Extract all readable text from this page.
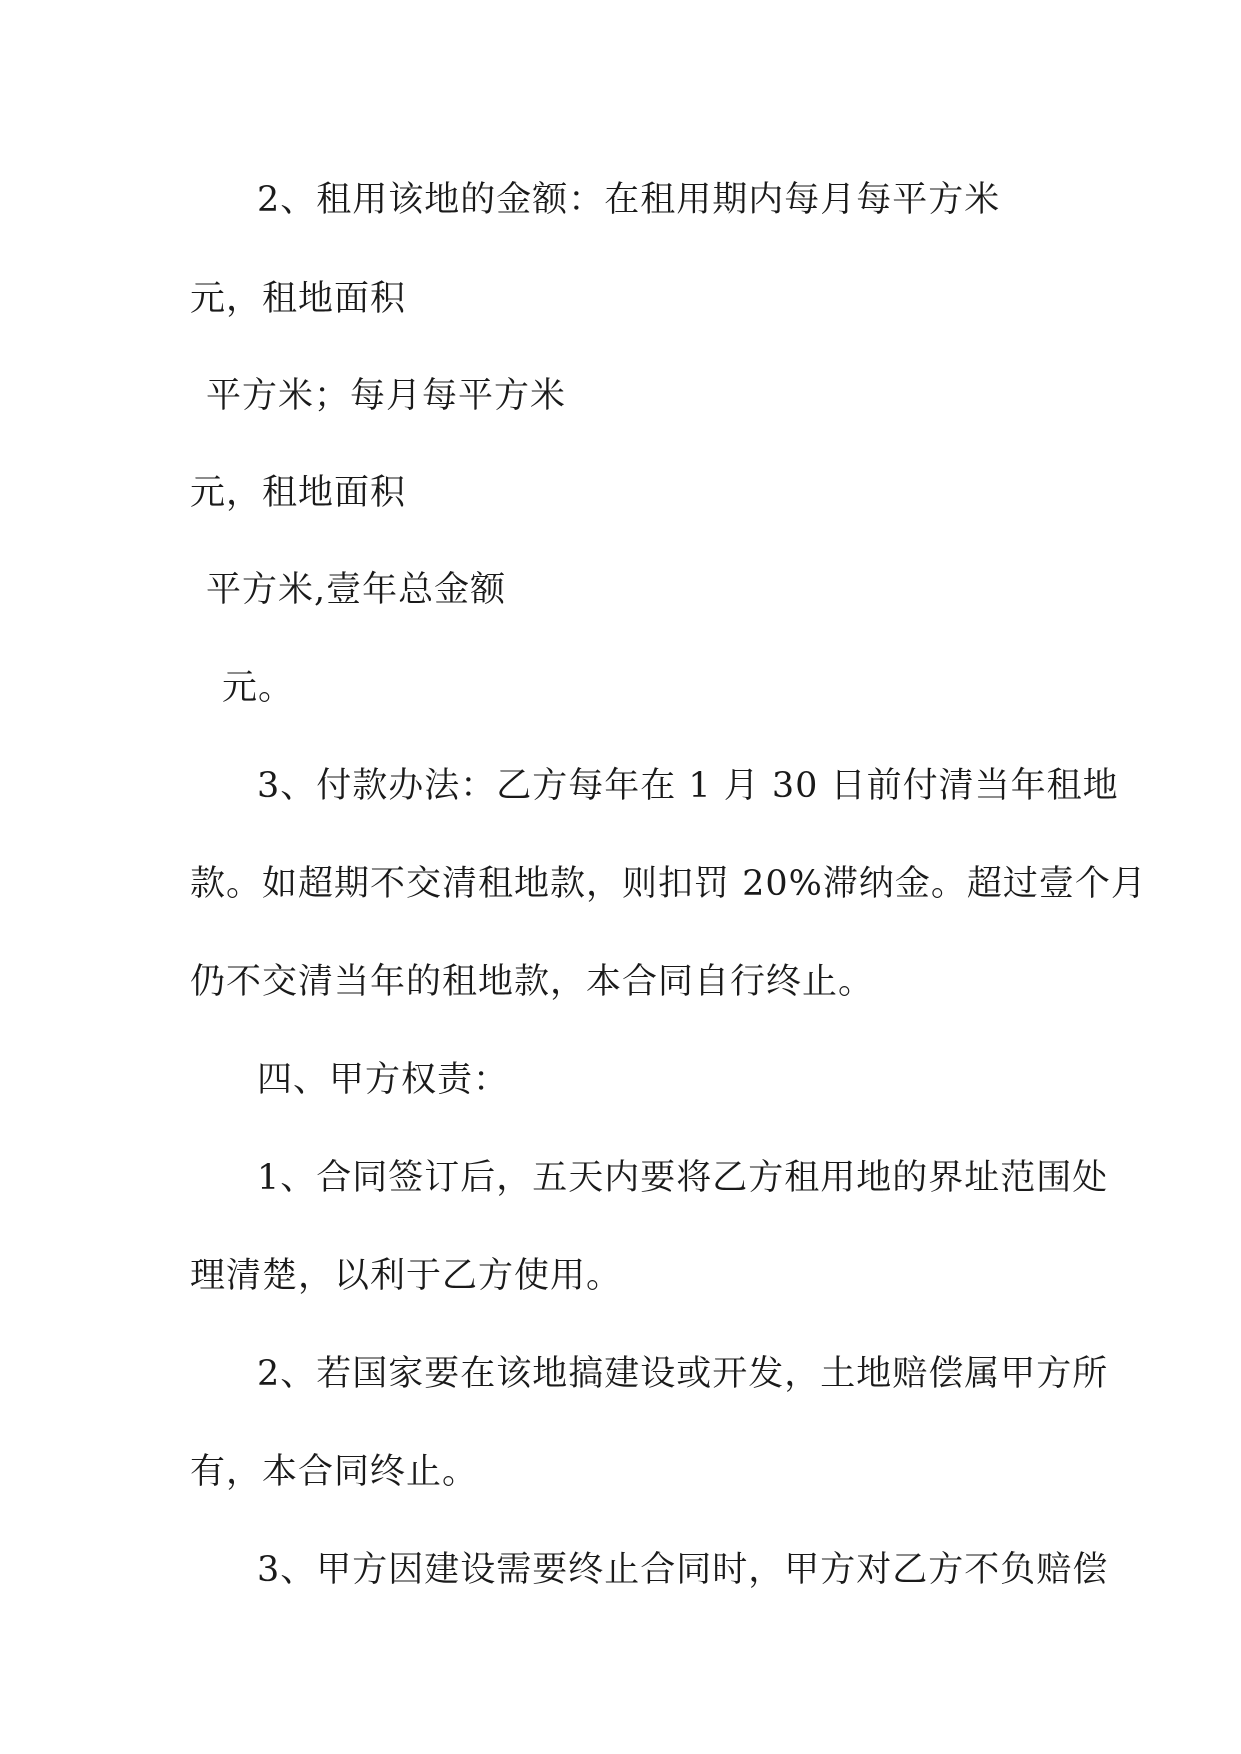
2、租用该地的金额：在租用期内每月每平方米
元，租地面积
平方米；每月每平方米
元，租地面积
平方米,壹年总金额
元。
3、付款办法：乙方每年在 1 月 30 日前付清当年租地
款。如超期不交清租地款，则扣罚 20%滞纳金。超过壹个月
仍不交清当年的租地款，本合同自行终止。
四、甲方权责：
1、合同签订后，五天内要将乙方租用地的界址范围处
理清楚，以利于乙方使用。
2、若国家要在该地搞建设或开发，土地赔偿属甲方所
有，本合同终止。
3、甲方因建设需要终止合同时，甲方对乙方不负赔偿
